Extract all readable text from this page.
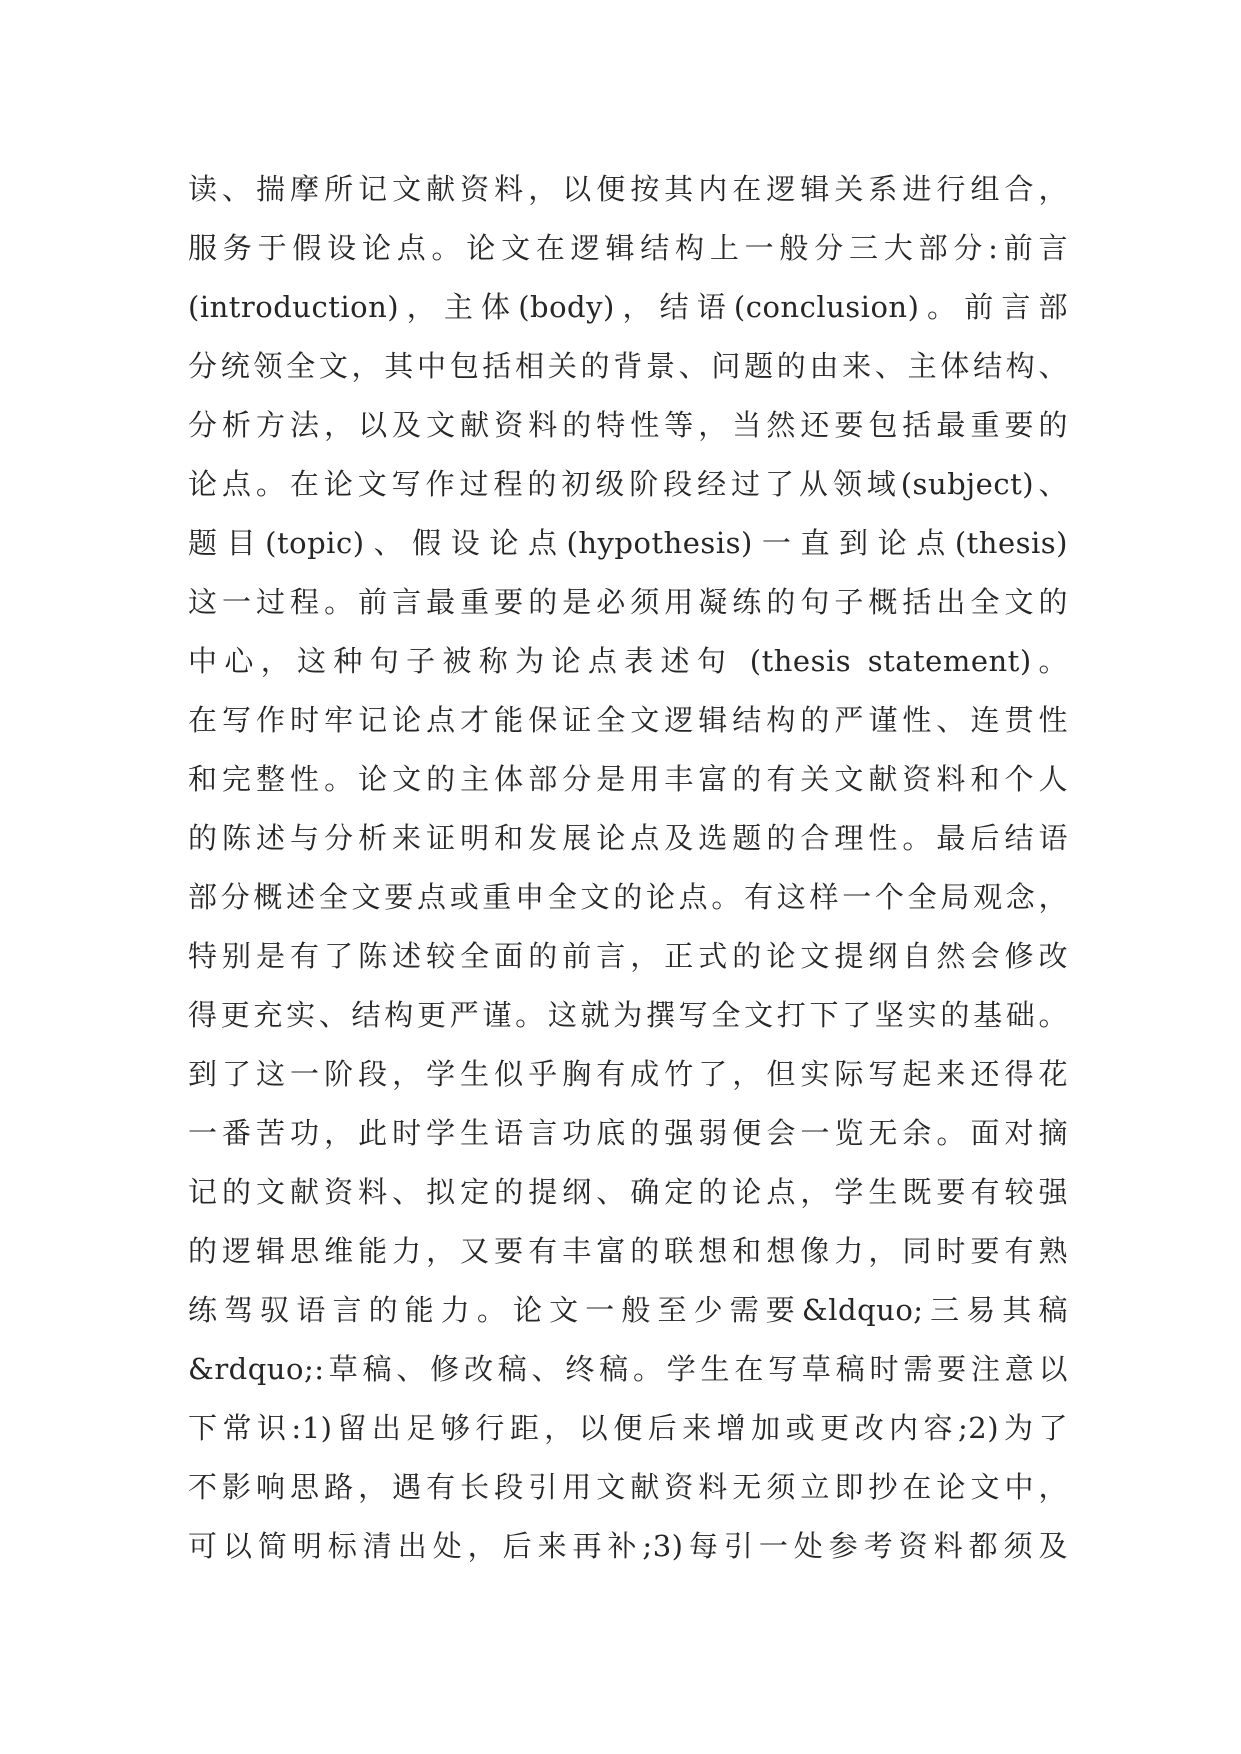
读、揣摩所记文献资料，以便按其内在逻辑关系进行组合，
服务于假设论点。论文在逻辑结构上一般分三大部分:前言
(introduction)，主体(body)，结语(conclusion)。前言部
分统领全文，其中包括相关的背景、问题的由来、主体结构、
分析方法，以及文献资料的特性等，当然还要包括最重要的
论点。在论文写作过程的初级阶段经过了从领域(subject)、
题目(topic)、假设论点(hypothesis)一直到论点(thesis)
这一过程。前言最重要的是必须用凝练的句子概括出全文的
中心，这种句子被称为论点表述句 (thesis statement)。
在写作时牢记论点才能保证全文逻辑结构的严谨性、连贯性
和完整性。论文的主体部分是用丰富的有关文献资料和个人
的陈述与分析来证明和发展论点及选题的合理性。最后结语
部分概述全文要点或重申全文的论点。有这样一个全局观念，
特别是有了陈述较全面的前言，正式的论文提纲自然会修改
得更充实、结构更严谨。这就为撰写全文打下了坚实的基础。
到了这一阶段，学生似乎胸有成竹了，但实际写起来还得花
一番苦功，此时学生语言功底的强弱便会一览无余。面对摘
记的文献资料、拟定的提纲、确定的论点，学生既要有较强
的逻辑思维能力，又要有丰富的联想和想像力，同时要有熟
练驾驭语言的能力。论文一般至少需要&ldquo;三易其稿
&rdquo;:草稿、修改稿、终稿。学生在写草稿时需要注意以
下常识:1)留出足够行距，以便后来增加或更改内容;2)为了
不影响思路，遇有长段引用文献资料无须立即抄在论文中，
可以简明标清出处，后来再补;3)每引一处参考资料都须及
